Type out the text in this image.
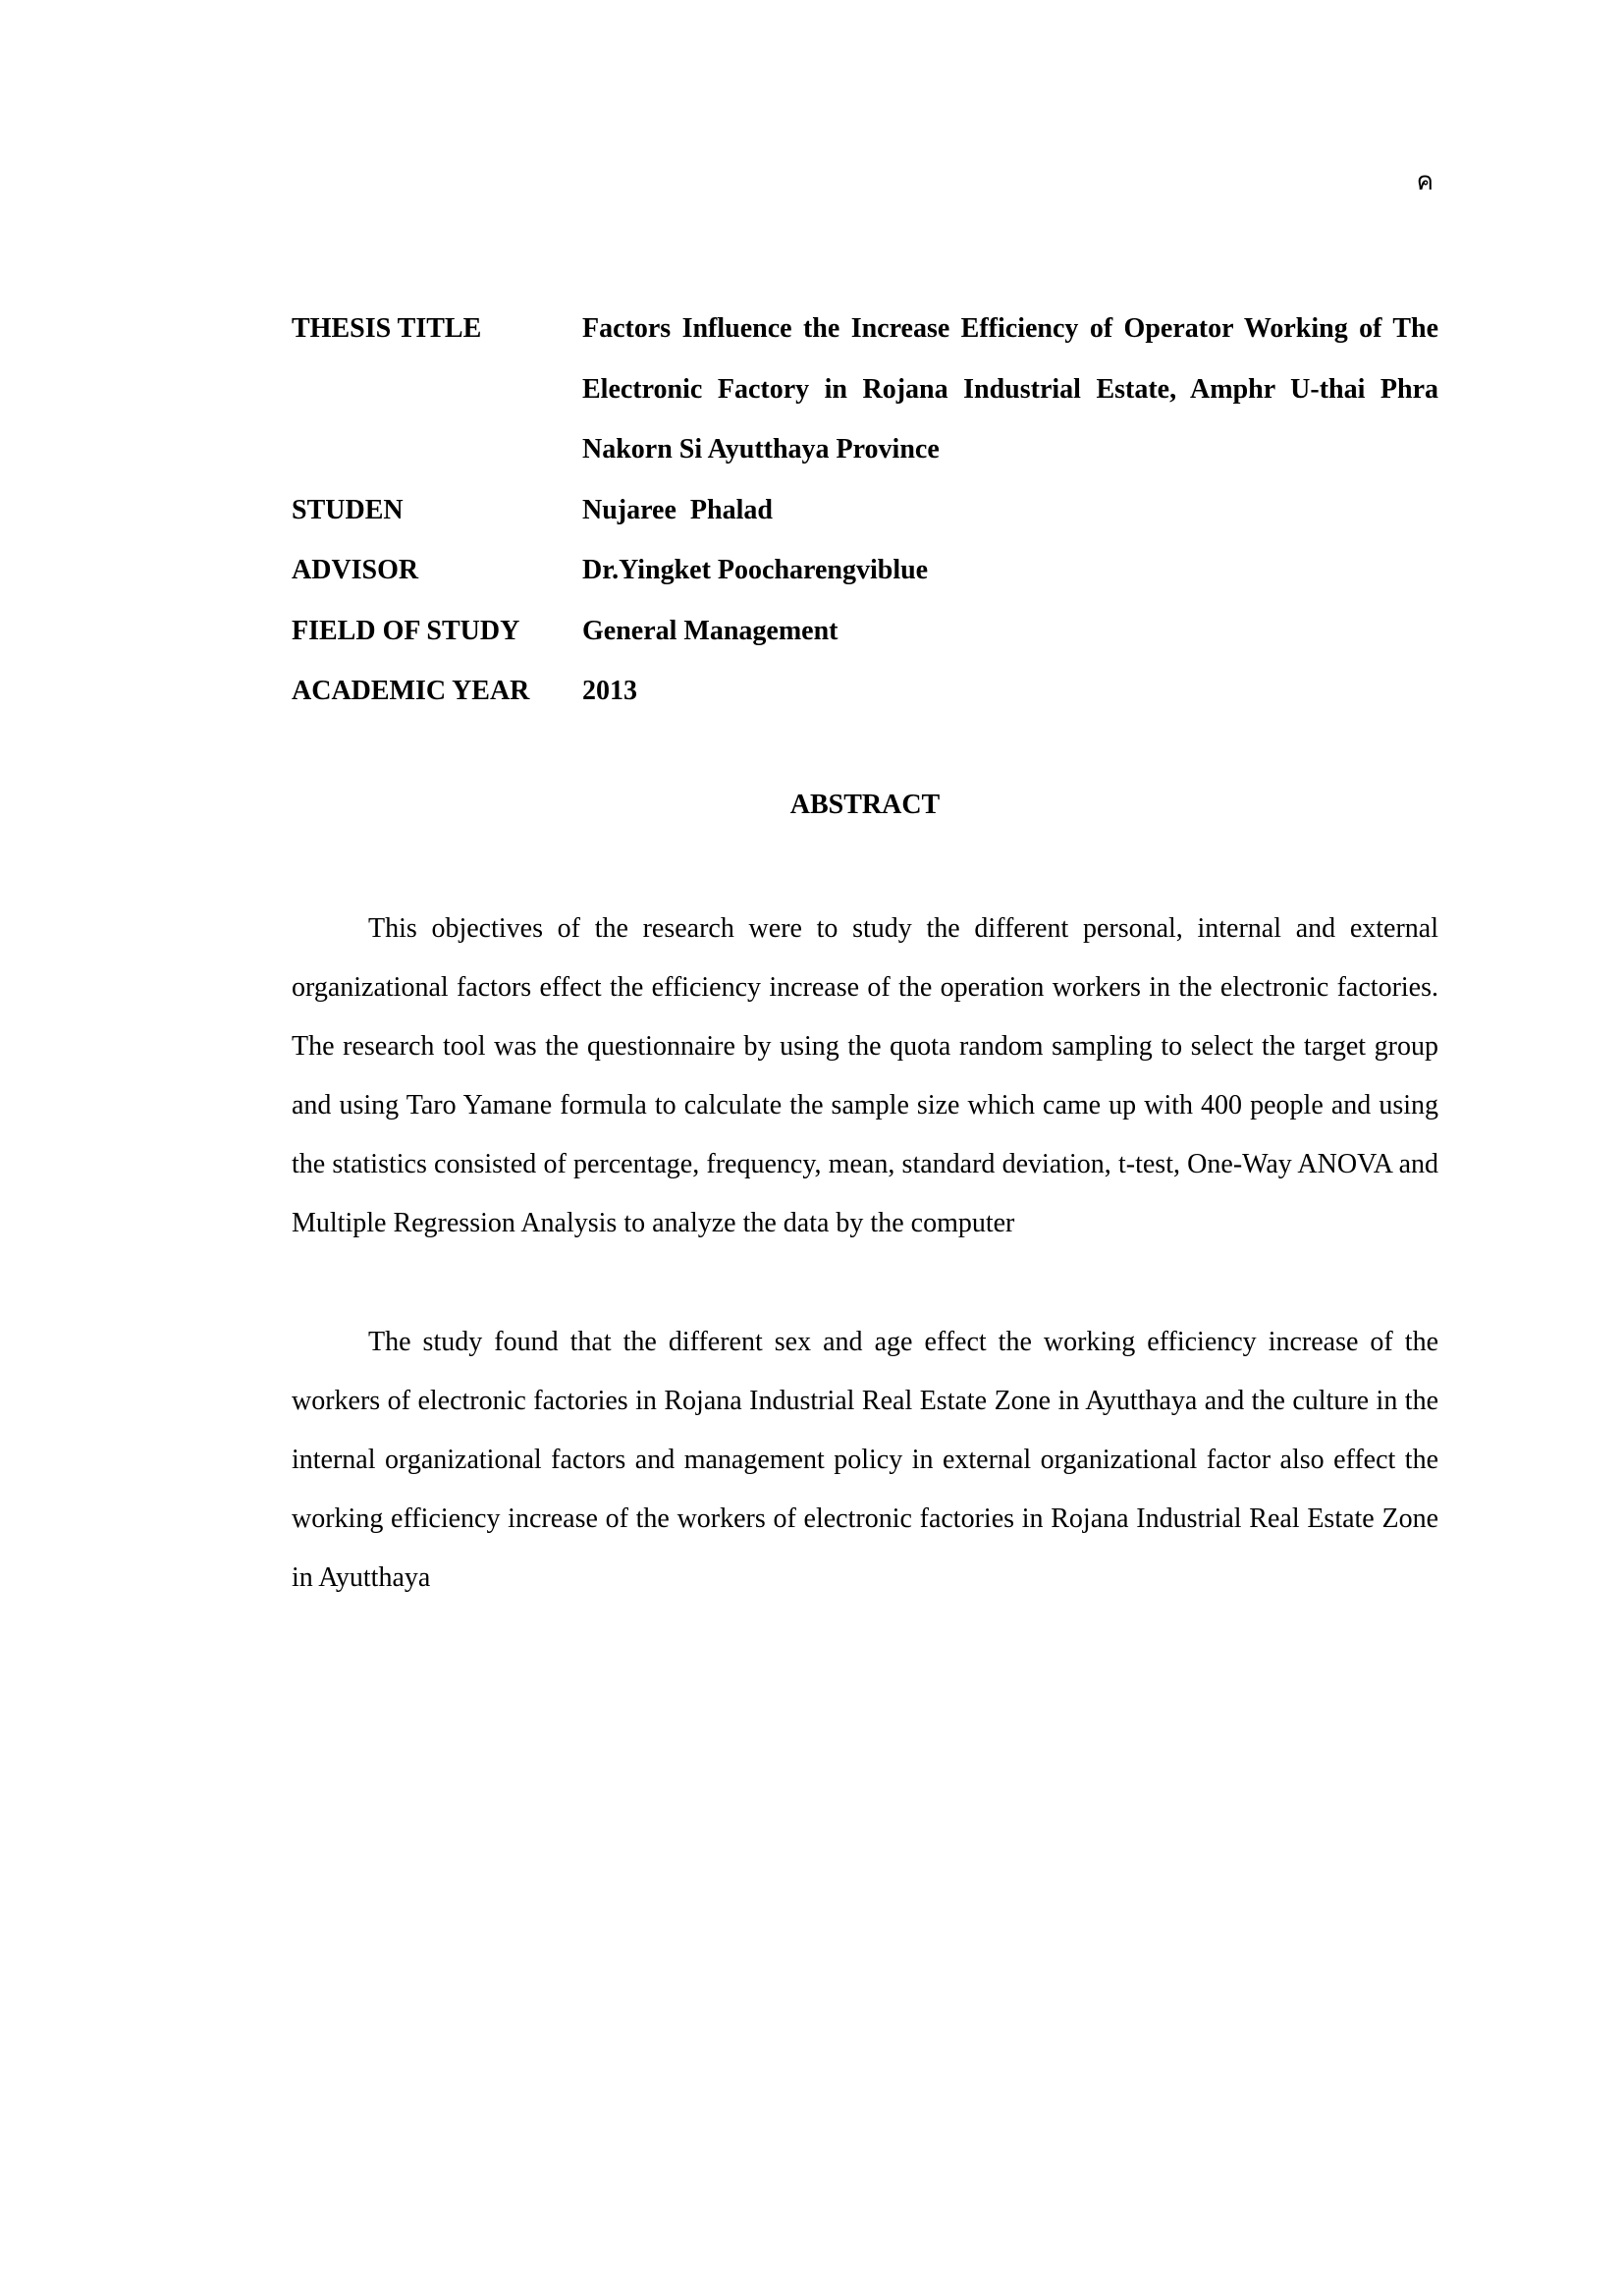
ค
THESIS TITLE	Factors Influence the Increase Efficiency of Operator Working of The Electronic Factory in Rojana Industrial Estate, Amphr U-thai Phra Nakorn Si Ayutthaya Province
STUDEN	Nujaree  Phalad
ADVISOR	Dr.Yingket Poocharengviblue
FIELD OF STUDY	General Management
ACADEMIC YEAR	2013
ABSTRACT

This objectives of the research were to study the different personal, internal and external organizational factors effect the efficiency increase of the operation workers in the electronic factories. The research tool was the questionnaire by using the quota random sampling to select the target group and using Taro Yamane formula to calculate the sample size which came up with 400 people and using the statistics consisted of percentage, frequency, mean, standard deviation, t-test, One-Way ANOVA and Multiple Regression Analysis to analyze the data by the computer

The study found that the different sex and age effect the working efficiency increase of the workers of electronic factories in Rojana Industrial Real Estate Zone in Ayutthaya and the culture in the internal organizational factors and management policy in external organizational factor also effect the working efficiency increase of the workers of electronic factories in Rojana Industrial Real Estate Zone in Ayutthaya
